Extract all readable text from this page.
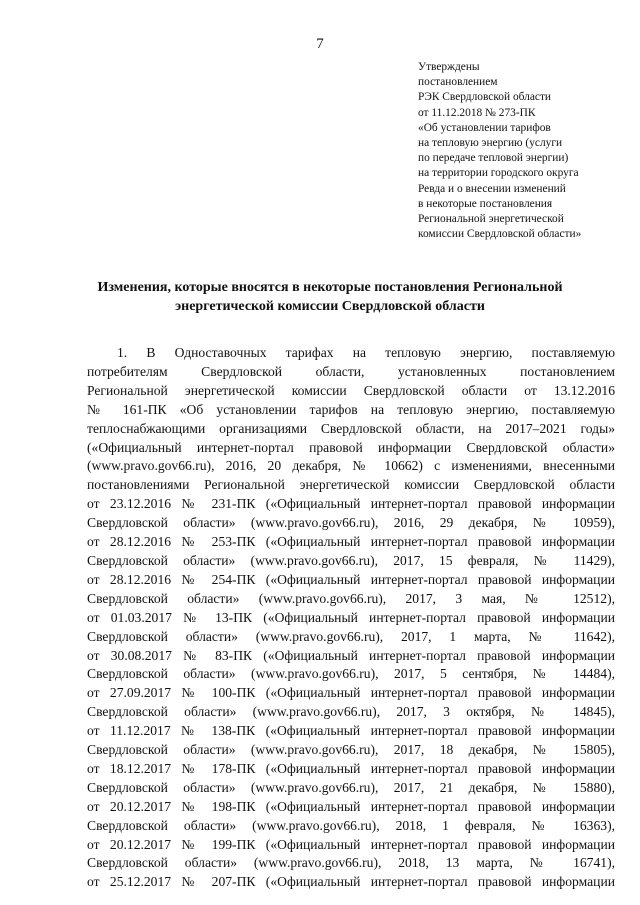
7
Утверждены
постановлением
РЭК Свердловской области
от 11.12.2018 № 273-ПК
«Об установлении тарифов
на тепловую энергию (услуги
по передаче тепловой энергии)
на территории городского округа
Ревда и о внесении изменений
в некоторые постановления
Региональной энергетической
комиссии Свердловской области»
Изменения, которые вносятся в некоторые постановления Региональной
энергетической комиссии Свердловской области
1. В Одноставочных тарифах на тепловую энергию, поставляемую
потребителям Свердловской области, установленных постановлением
Региональной энергетической комиссии Свердловской области от 13.12.2016
№ 161-ПК «Об установлении тарифов на тепловую энергию, поставляемую
теплоснабжающими организациями Свердловской области, на 2017–2021 годы»
(«Официальный интернет-портал правовой информации Свердловской области»
(www.pravo.gov66.ru), 2016, 20 декабря, № 10662) с изменениями, внесенными
постановлениями Региональной энергетической комиссии Свердловской области
от 23.12.2016 № 231-ПК («Официальный интернет-портал правовой информации
Свердловской области» (www.pravo.gov66.ru), 2016, 29 декабря, № 10959),
от 28.12.2016 № 253-ПК («Официальный интернет-портал правовой информации
Свердловской области» (www.pravo.gov66.ru), 2017, 15 февраля, № 11429),
от 28.12.2016 № 254-ПК («Официальный интернет-портал правовой информации
Свердловской области» (www.pravo.gov66.ru), 2017, 3 мая, № 12512),
от 01.03.2017 № 13-ПК («Официальный интернет-портал правовой информации
Свердловской области» (www.pravo.gov66.ru), 2017, 1 марта, № 11642),
от 30.08.2017 № 83-ПК («Официальный интернет-портал правовой информации
Свердловской области» (www.pravo.gov66.ru), 2017, 5 сентября, № 14484),
от 27.09.2017 № 100-ПК («Официальный интернет-портал правовой информации
Свердловской области» (www.pravo.gov66.ru), 2017, 3 октября, № 14845),
от 11.12.2017 № 138-ПК («Официальный интернет-портал правовой информации
Свердловской области» (www.pravo.gov66.ru), 2017, 18 декабря, № 15805),
от 18.12.2017 № 178-ПК («Официальный интернет-портал правовой информации
Свердловской области» (www.pravo.gov66.ru), 2017, 21 декабря, № 15880),
от 20.12.2017 № 198-ПК («Официальный интернет-портал правовой информации
Свердловской области» (www.pravo.gov66.ru), 2018, 1 февраля, № 16363),
от 20.12.2017 № 199-ПК («Официальный интернет-портал правовой информации
Свердловской области» (www.pravo.gov66.ru), 2018, 13 марта, № 16741),
от 25.12.2017 № 207-ПК («Официальный интернет-портал правовой информации
